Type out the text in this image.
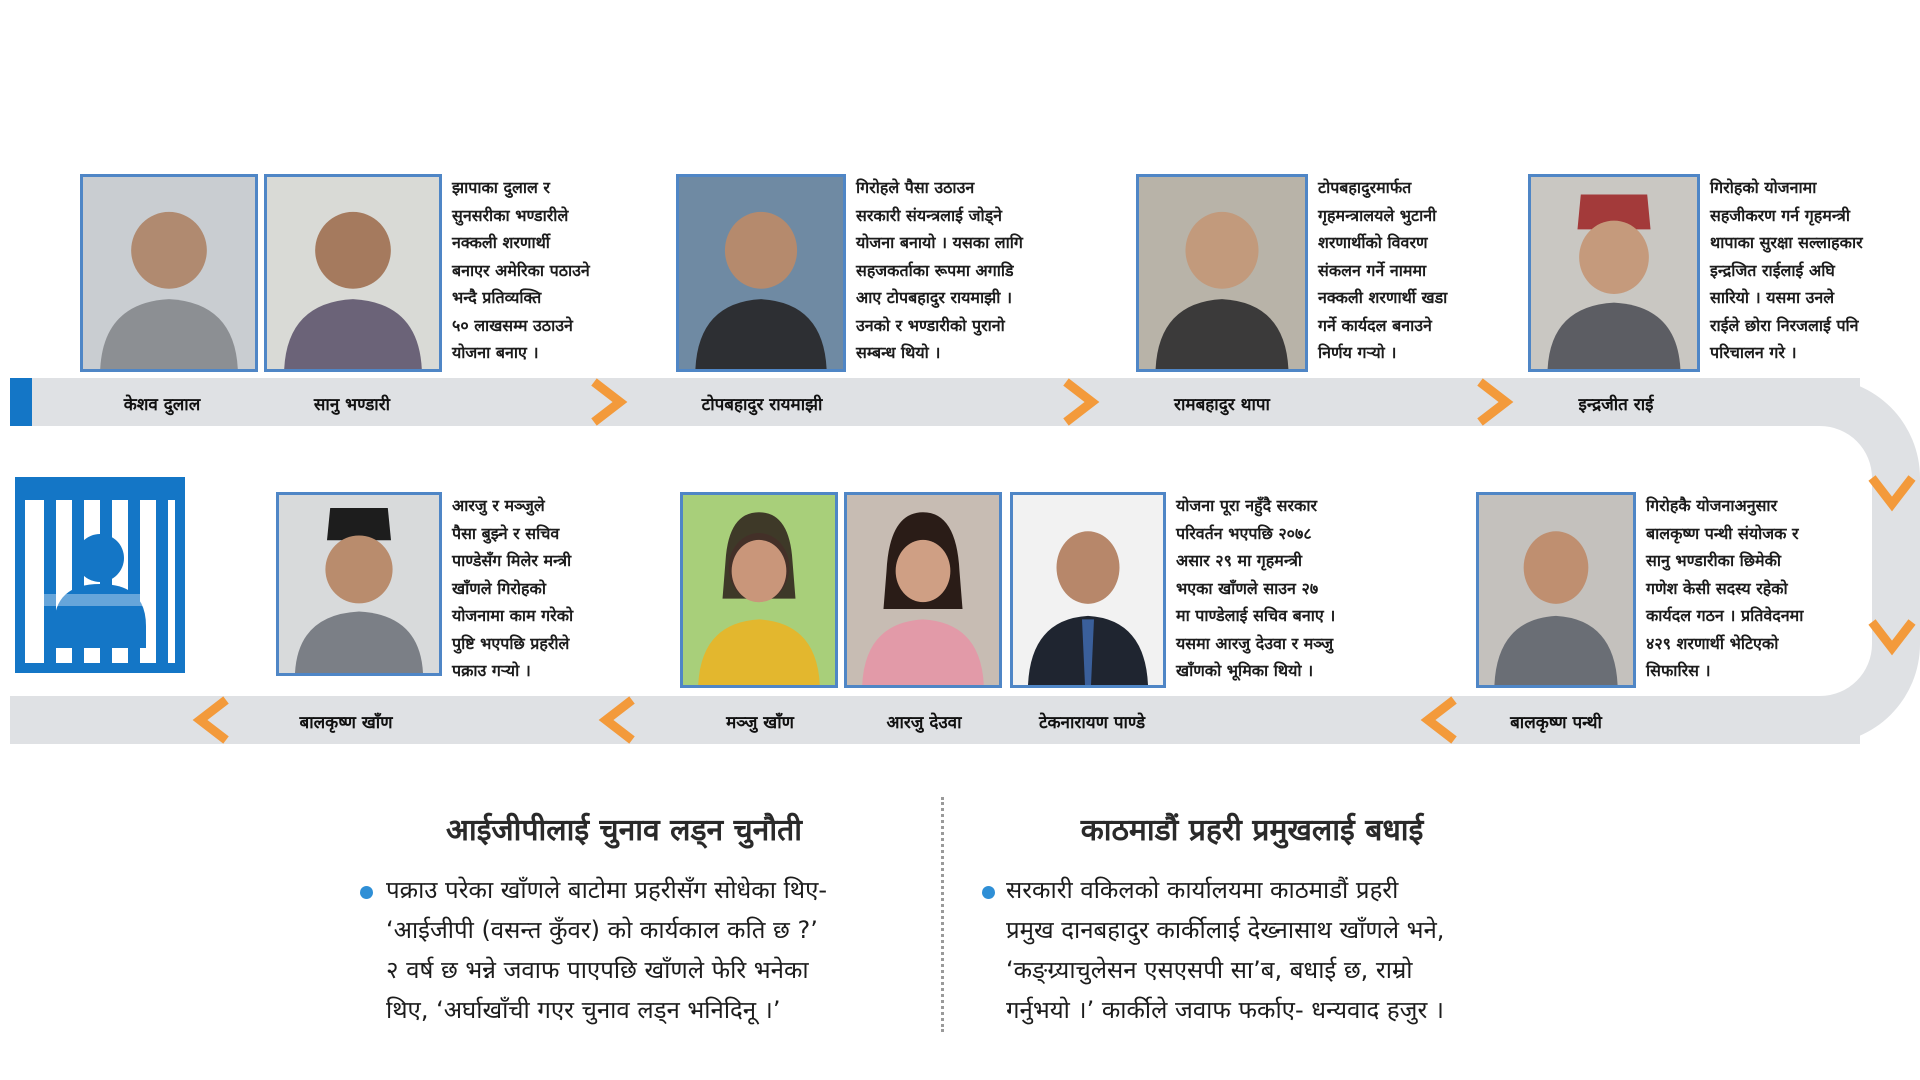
झापाका दुलाल र
सुनसरीका भण्डारीले
नक्कली शरणार्थी
बनाएर अमेरिका पठाउने
भन्दै प्रतिव्यक्ति
५० लाखसम्म उठाउने
योजना बनाए ।
गिरोहले पैसा उठाउन
सरकारी संयन्त्रलाई जोड्ने
योजना बनायो । यसका लागि
सहजकर्ताका रूपमा अगाडि
आए टोपबहादुर रायमाझी ।
उनको र भण्डारीको पुरानो
सम्बन्ध थियो ।
टोपबहादुरमार्फत
गृहमन्त्रालयले भुटानी
शरणार्थीको विवरण
संकलन गर्ने नाममा
नक्कली शरणार्थी खडा
गर्ने कार्यदल बनाउने
निर्णय गर्‍यो ।
गिरोहको योजनामा
सहजीकरण गर्न गृहमन्त्री
थापाका सुरक्षा सल्लाहकार
इन्द्रजित राईलाई अघि
सारियो । यसमा उनले
राईले छोरा निरजलाई पनि
परिचालन गरे ।
केशव दुलाल	सानु भण्डारी	टोपबहादुर रायमाझी	रामबहादुर थापा	इन्द्रजीत राई
आरजु र मञ्जुले
पैसा बुझ्ने र सचिव
पाण्डेसँग मिलेर मन्त्री
खाँणले गिरोहको
योजनामा काम गरेको
पुष्टि भएपछि प्रहरीले
पक्राउ गर्‍यो ।
योजना पूरा नहुँदै सरकार
परिवर्तन भएपछि २०७८
असार २९ मा गृहमन्त्री
भएका खाँणले साउन २७
मा पाण्डेलाई सचिव बनाए ।
यसमा आरजु देउवा र मञ्जु
खाँणको भूमिका थियो ।
गिरोहकै योजनाअनुसार
बालकृष्ण पन्थी संयोजक र
सानु भण्डारीका छिमेकी
गणेश केसी सदस्य रहेको
कार्यदल गठन । प्रतिवेदनमा
४२९ शरणार्थी भेटिएको
सिफारिस ।
बालकृष्ण खाँण	मञ्जु खाँण	आरजु देउवा	टेकनारायण पाण्डे	बालकृष्ण पन्थी
आईजीपीलाई चुनाव लड्न चुनौती
पक्राउ परेका खाँणले बाटोमा प्रहरीसँग सोधेका थिए-
‘आईजीपी (वसन्त कुँवर) को कार्यकाल कति छ ?’
२ वर्ष छ भन्ने जवाफ पाएपछि खाँणले फेरि भनेका
थिए, ‘अर्घाखाँची गएर चुनाव लड्न भनिदिनू ।’
काठमाडौं प्रहरी प्रमुखलाई बधाई
सरकारी वकिलको कार्यालयमा काठमाडौं प्रहरी
प्रमुख दानबहादुर कार्कीलाई देख्नासाथ खाँणले भने,
‘कङ्ग्र्याचुलेसन एसएसपी सा’ब, बधाई छ, राम्रो
गर्नुभयो ।’ कार्कीले जवाफ फर्काए- धन्यवाद हजुर ।
